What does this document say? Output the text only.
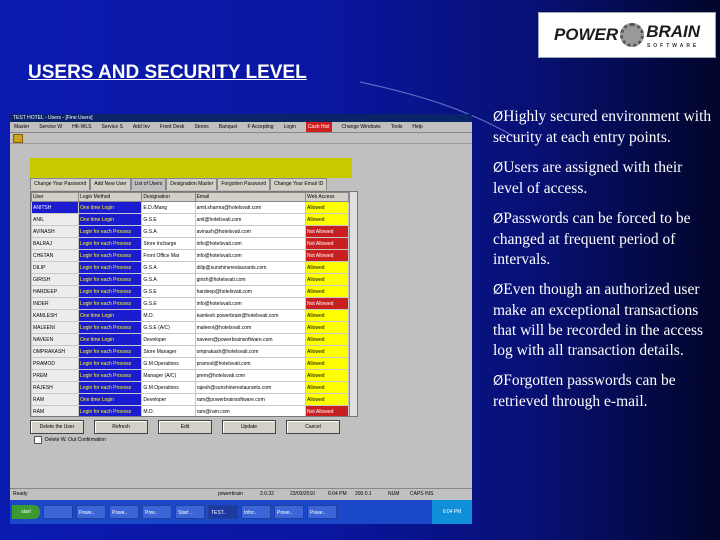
POWER BRAIN
SOFTWARE
USERS AND SECURITY LEVEL
TEST HOTEL - Users - [Fine Users]
Master Service W HK-WLS Service S Add Inv Front Desk Stores Banquet F Accepting Login	Cash Hist	Change Windows Tools Help
Change Your Password	Add New User	List of Users	Designation Master	Forgotten Password	Change Your Email ID
User	Login Method	Designation	Email	Web Access
ANITSH	One time Login	E.D./Mang	amit.sharma@hotelsvati.com	Allowed
ANIL	One time Login	G.S.E	anil@hotelsvati.com	Allowed
AVINASH	Login for each Process	G.S.A	avinash@hotelsvati.com	Not Allowed
BALRAJ	Login for each Process	Store Incharge	info@hotelsvati.com	Not Allowed
CHETAN	Login for each Process	Front Office Mar	info@hotelsvati.com	Not Allowed
DILIP	Login for each Process	G.S.A	dilip@sunshinerestaurants.com	Allowed
GIRISH	Login for each Process	G.S.A	girish@hotelsvati.com	Allowed
HARDEEP	Login for each Process	G.S.E	hardeep@hotelsvati.com	Allowed
INDER	Login for each Process	G.S.E	info@hotelsvati.com	Not Allowed
KAMLESH	One time Login	M.D.	kamlesh.powerbrain@hotelsvati.com	Allowed
MALEENI	Login for each Process	G.S.E (A/C)	maleeni@hotelsvati.com	Allowed
NAVEEN	One time Login	Developer	naveen@powerbrainsoftware.com	Allowed
OMPRAKASH	Login for each Process	Store Manager	omprakash@hotelsvati.com	Allowed
PRAMOD	Login for each Process	G.M.Operations	pramod@hotelsvati.com	Allowed
PREM	Login for each Process	Manager (A/C)	prem@hotelsvati.com	Allowed
RAJESH	Login for each Process	G.M.Operations	rajesh@sunshinerestaurants.com	Allowed
RAM	One time Login	Developer	ram@powerbrainsoftware.com	Allowed
RAM	Login for each Process	M.D.	ram@ram.com	Not Allowed

Delete the User	Refresh	Edit	Update	Cancel
Delete W. Out Confirmation
Ready	powerbrain	2.0.32	23/03/2010	6:04 PM 200.0.1	NUM CAPS INS
start	Powe..	Powe..	Pow..	Start ..	TEST..	Infor..	Powe..	Powe..	6:04 PM
ØHighly secured environment with security at each entry points.
ØUsers are assigned with their level of access.
ØPasswords can be forced to be changed at frequent period of intervals.
ØEven though an authorized user make an exceptional transactions that will be recorded in the access log with all transaction details.
ØForgotten passwords can be retrieved through e-mail.
